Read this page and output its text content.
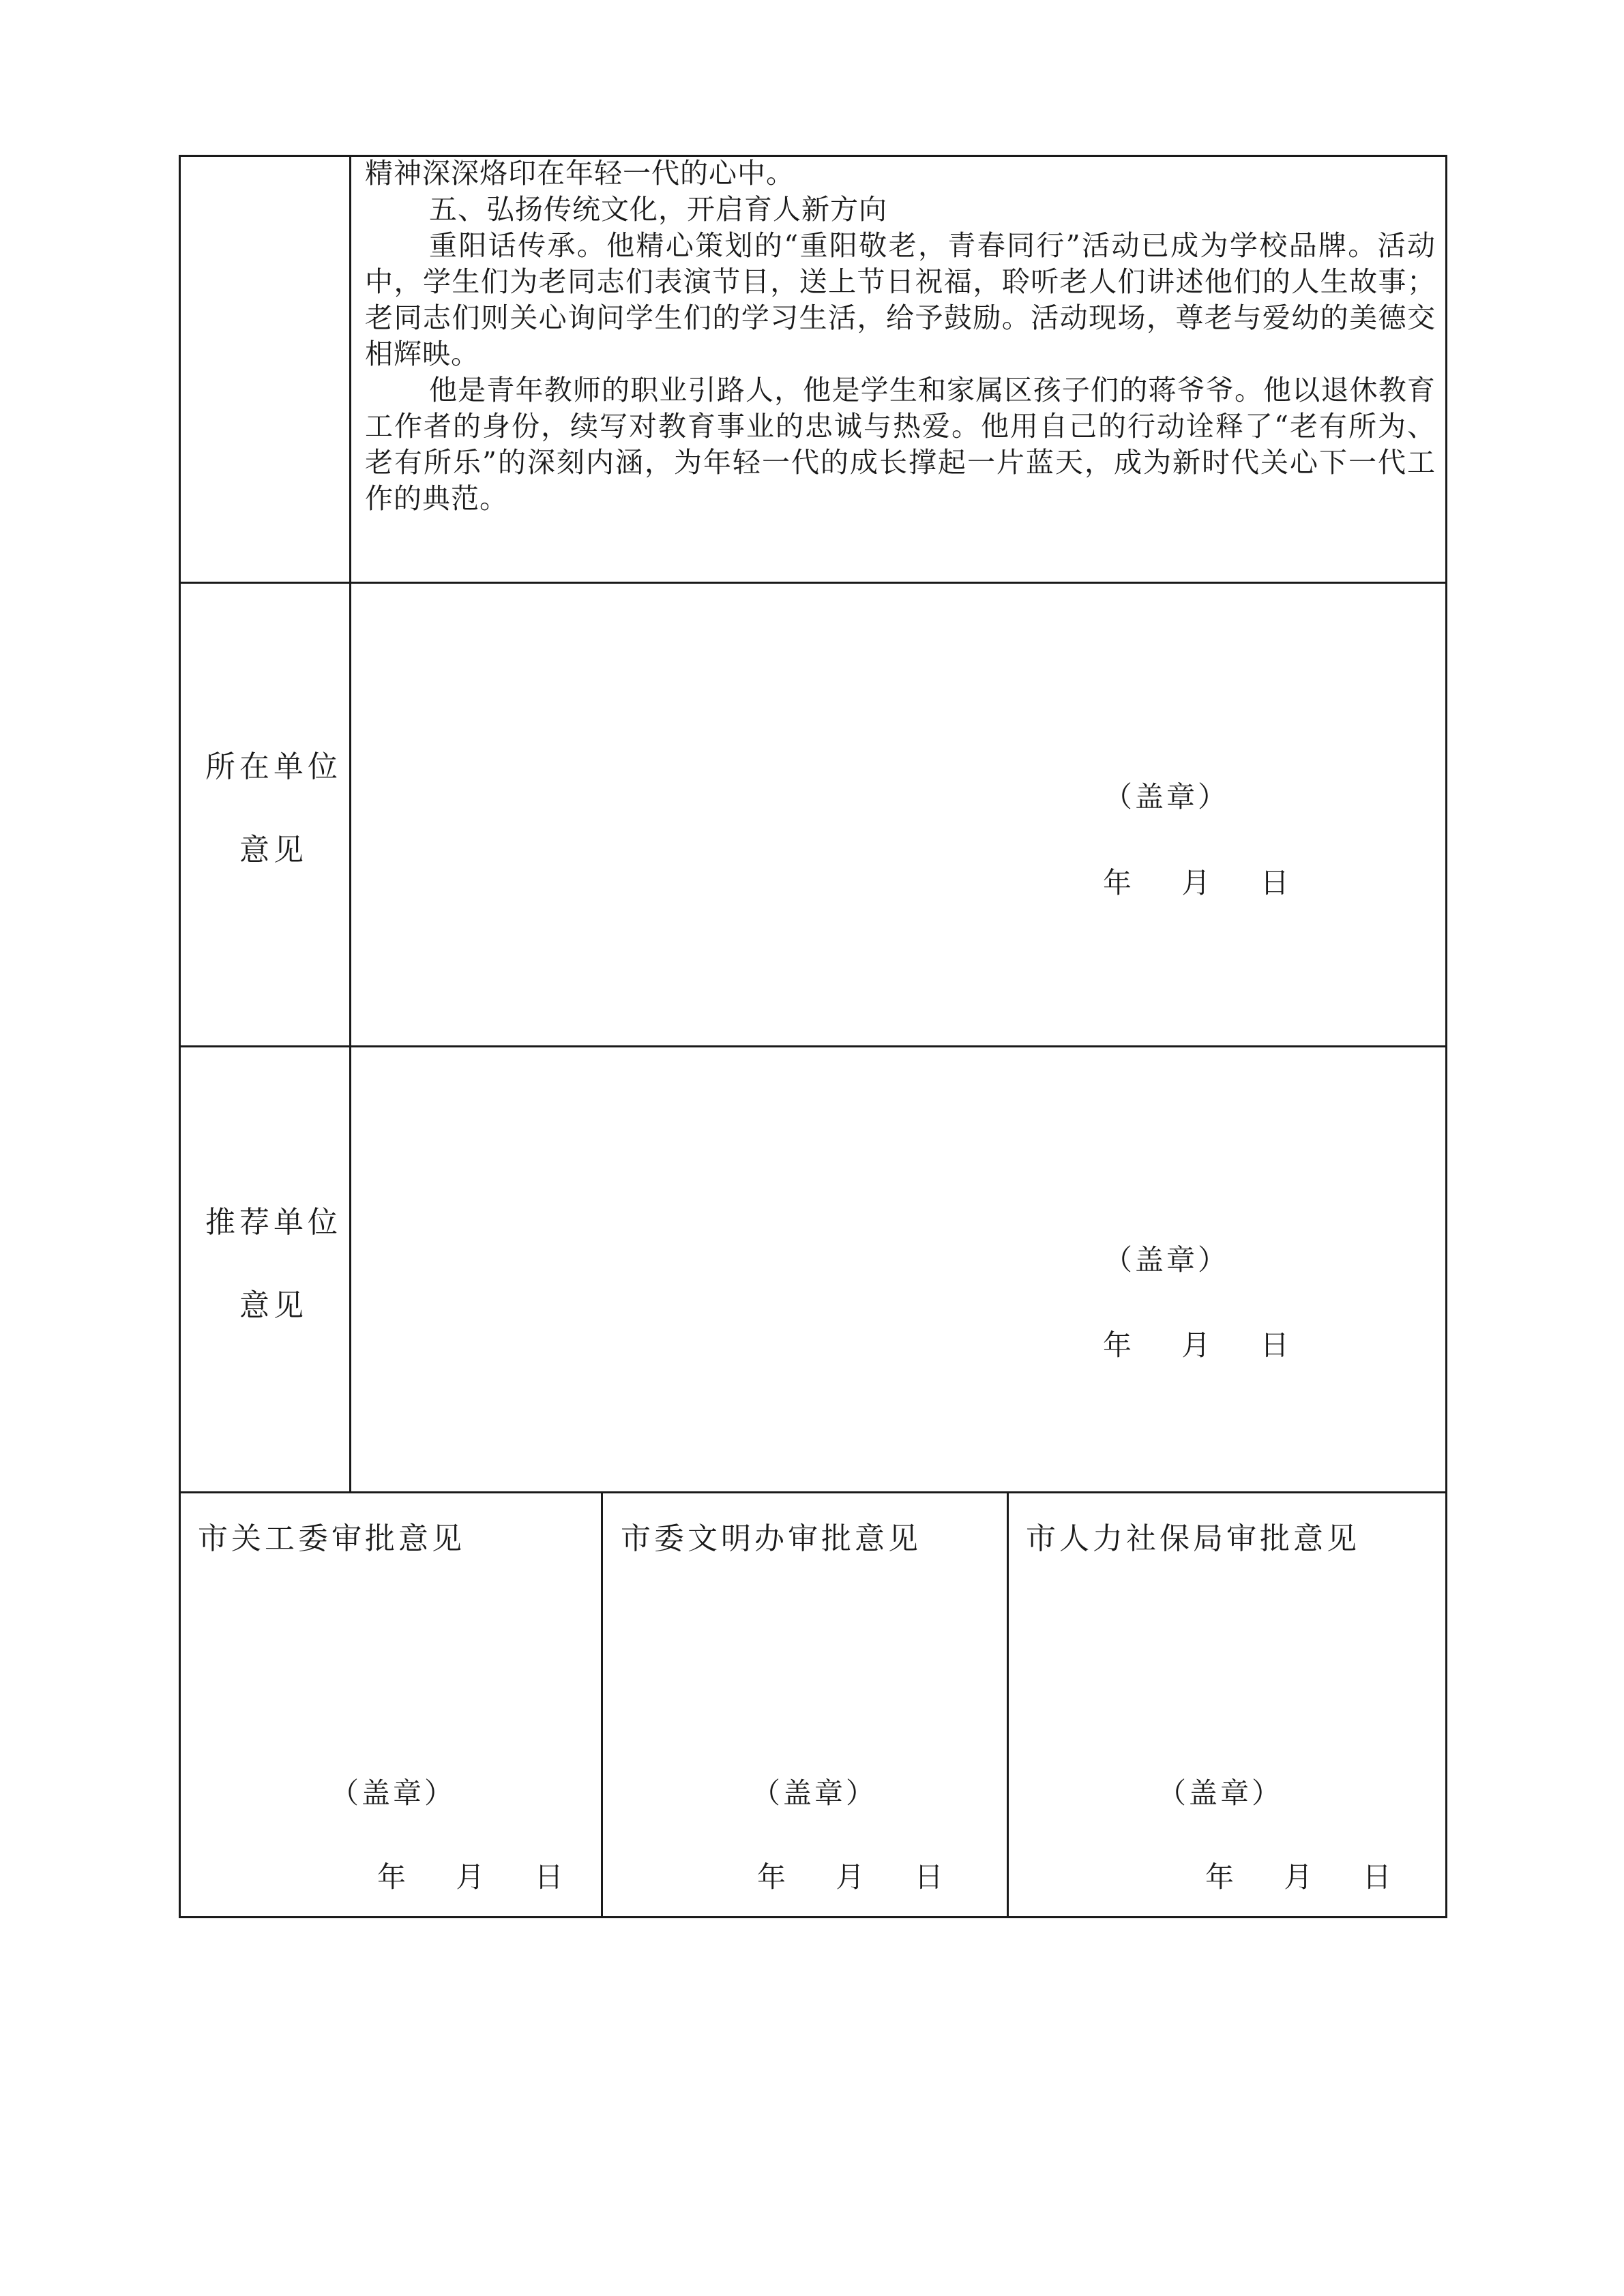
精神深深烙印在年轻一代的心中。

五、弘扬传统文化，开启育人新方向

重阳话传承。他精心策划的“重阳敬老，青春同行”活动已成为学校品牌。活动中，学生们为老同志们表演节目，送上节日祝福，聆听老人们讲述他们的人生故事；老同志们则关心询问学生们的学习生活，给予鼓励。活动现场，尊老与爱幼的美德交相辉映。

他是青年教师的职业引路人，他是学生和家属区孩子们的蒋爷爷。他以退休教育工作者的身份，续写对教育事业的忠诚与热爱。他用自己的行动诠释了“老有所为、老有所乐”的深刻内涵，为年轻一代的成长撑起一片蓝天，成为新时代关心下一代工作的典范。

所在单位
意见
（盖章）
年    月    日
推荐单位
意见
（盖章）
年    月    日
市关工委审批意见
（盖章）
年    月    日
市委文明办审批意见
（盖章）
年    月    日
市人力社保局审批意见
（盖章）
年    月    日
